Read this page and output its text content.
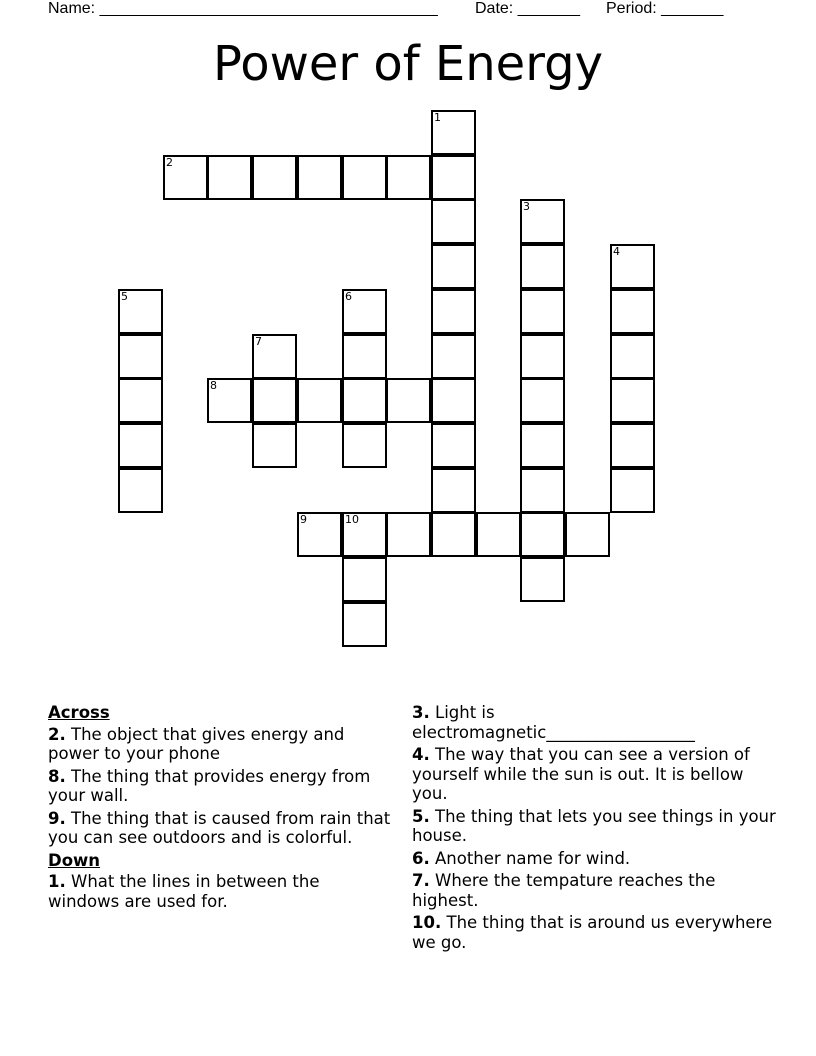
Name: ______________________________________ Date: _______ Period: _______
Power of Energy
1
2
3
4
5	6
7
8
9	10
Across
2. The object that gives energy and power to your phone
8. The thing that provides energy from your wall.
9. The thing that is caused from rain that you can see outdoors and is colorful.
Down
1. What the lines in between the windows are used for.
3. Light is electromagnetic__________________
4. The way that you can see a version of yourself while the sun is out. It is bellow you.
5. The thing that lets you see things in your house.
6. Another name for wind.
7. Where the tempature reaches the highest.
10. The thing that is around us everywhere we go.
